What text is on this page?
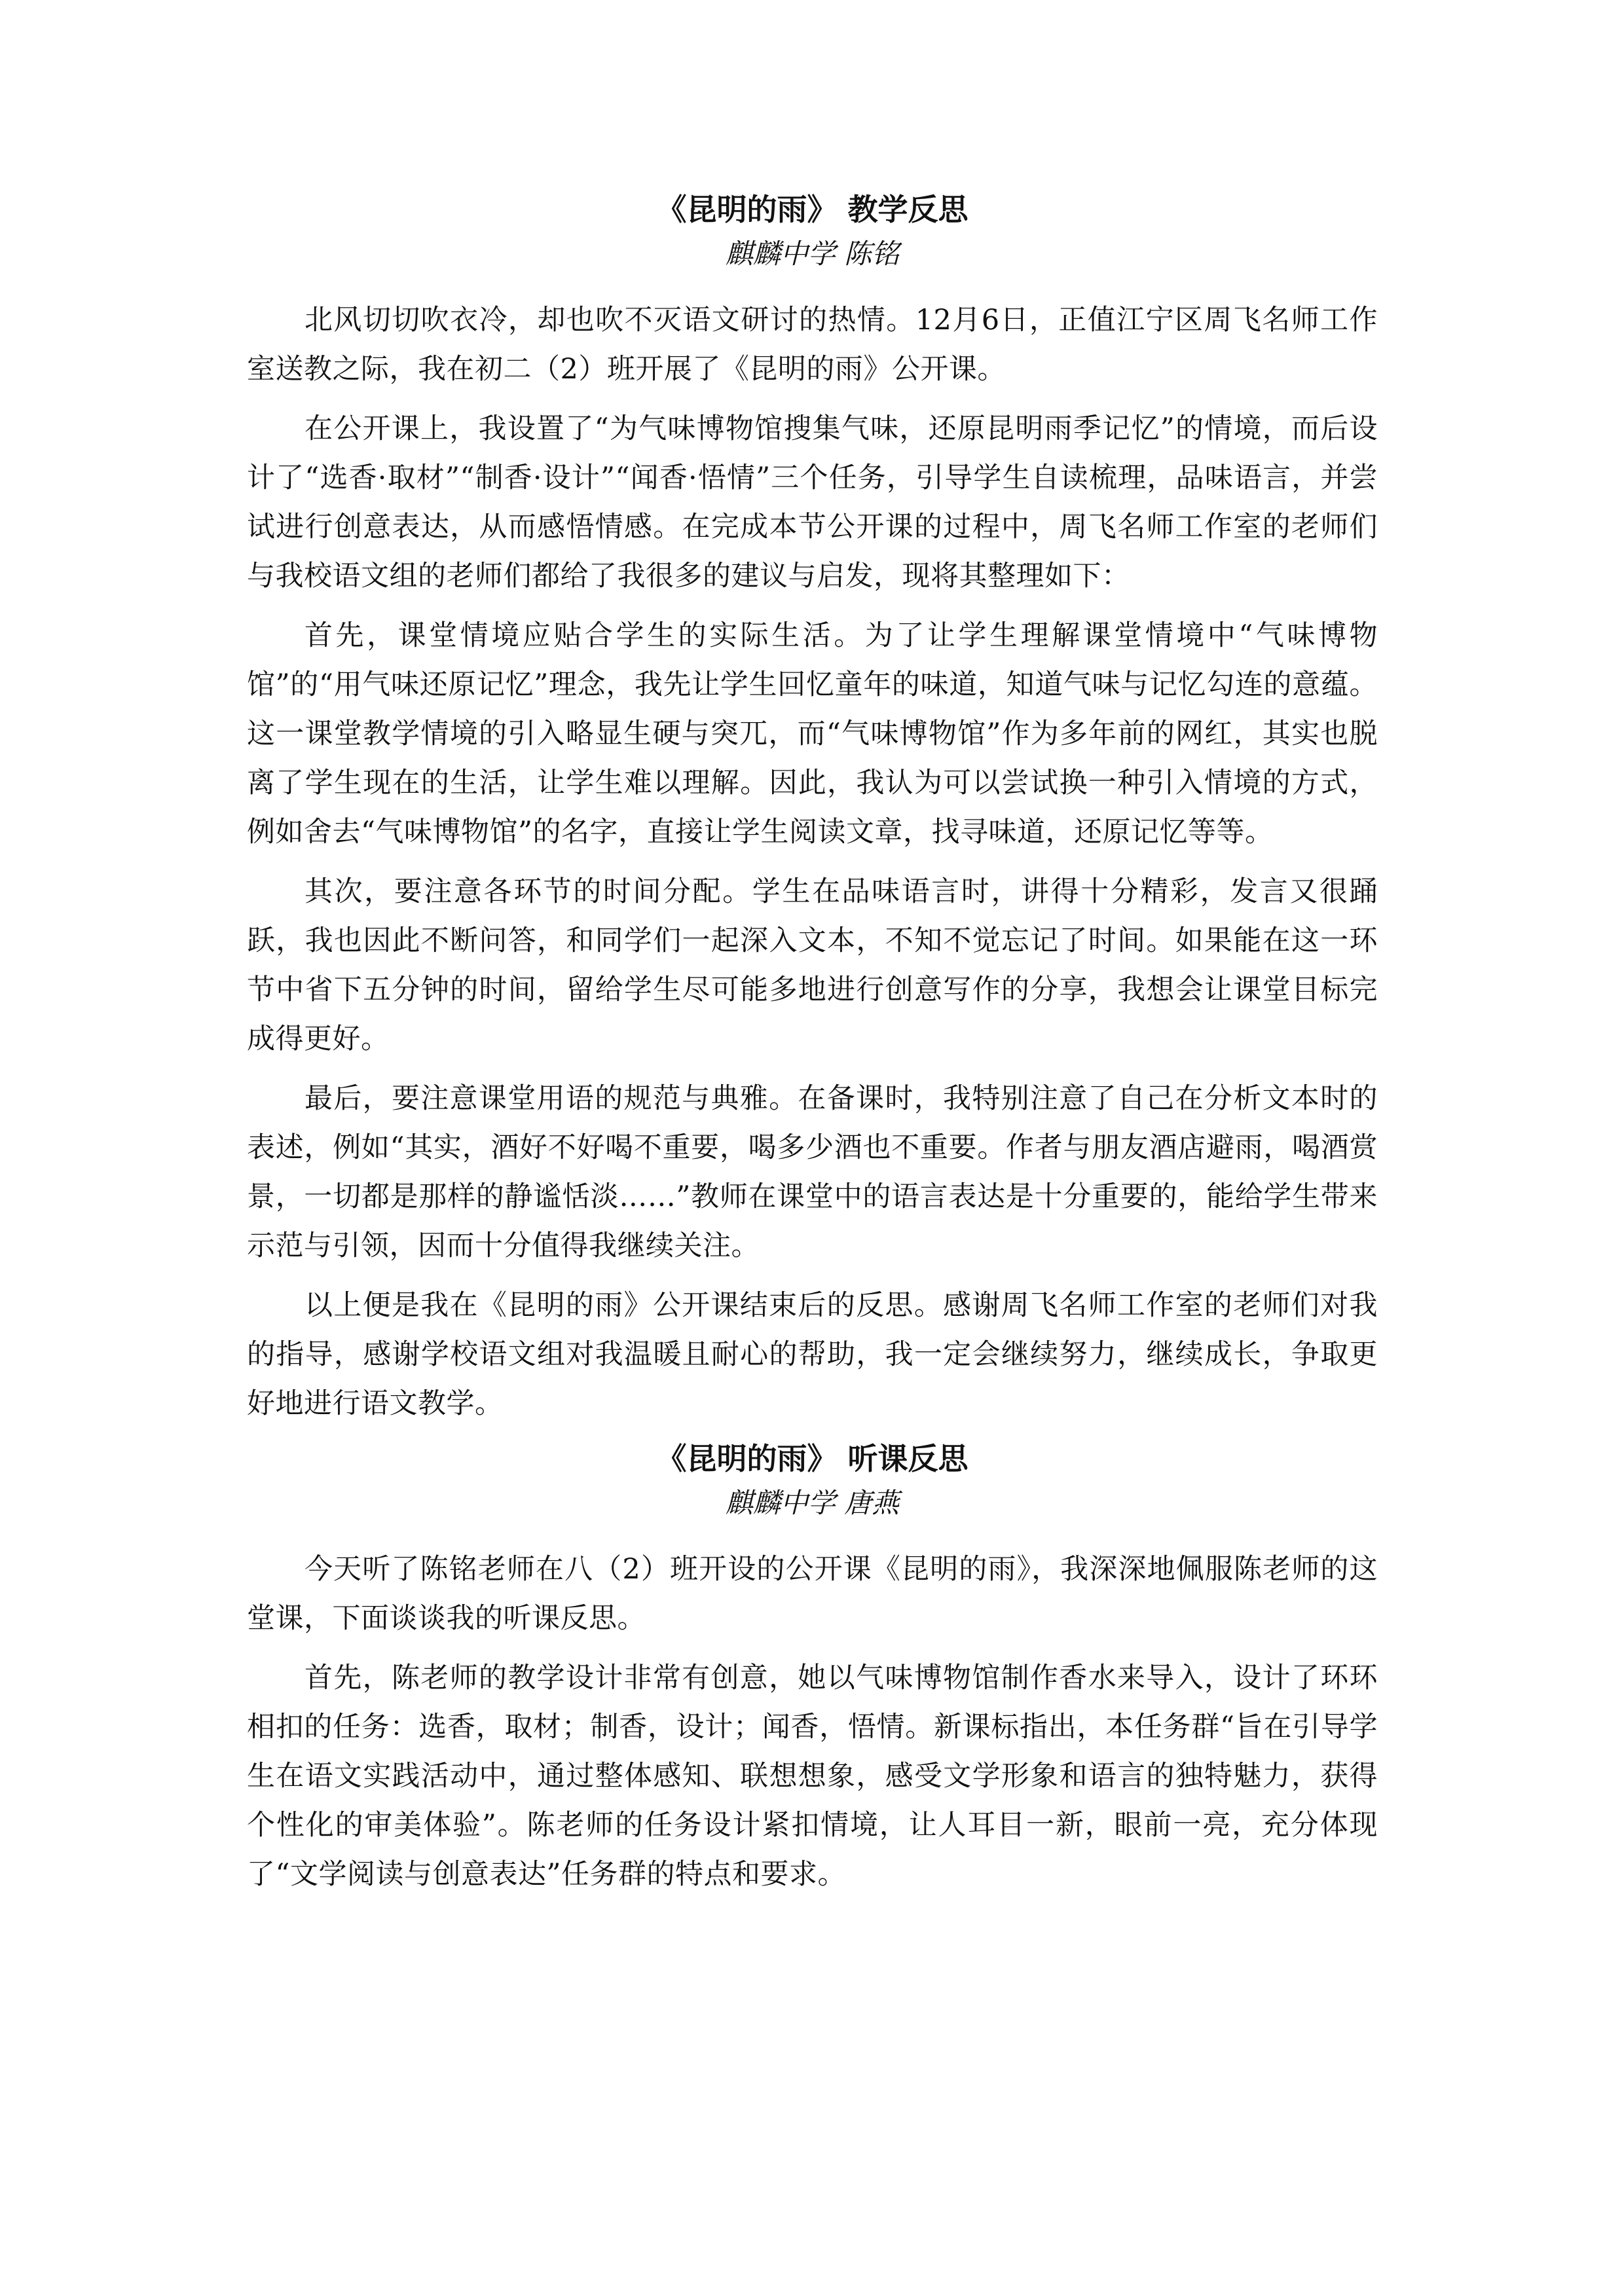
《昆明的雨》 教学反思

麒麟中学 陈铭

北风切切吹衣冷，却也吹不灭语文研讨的热情。12月6日，正值江宁区周飞名师工作室送教之际，我在初二（2）班开展了《昆明的雨》公开课。

在公开课上，我设置了“为气味博物馆搜集气味，还原昆明雨季记忆”的情境，而后设计了“选香·取材”“制香·设计”“闻香·悟情”三个任务，引导学生自读梳理，品味语言，并尝试进行创意表达，从而感悟情感。在完成本节公开课的过程中，周飞名师工作室的老师们与我校语文组的老师们都给了我很多的建议与启发，现将其整理如下：

首先，课堂情境应贴合学生的实际生活。为了让学生理解课堂情境中“气味博物馆”的“用气味还原记忆”理念，我先让学生回忆童年的味道，知道气味与记忆勾连的意蕴。这一课堂教学情境的引入略显生硬与突兀，而“气味博物馆”作为多年前的网红，其实也脱离了学生现在的生活，让学生难以理解。因此，我认为可以尝试换一种引入情境的方式，例如舍去“气味博物馆”的名字，直接让学生阅读文章，找寻味道，还原记忆等等。

其次，要注意各环节的时间分配。学生在品味语言时，讲得十分精彩，发言又很踊跃，我也因此不断问答，和同学们一起深入文本，不知不觉忘记了时间。如果能在这一环节中省下五分钟的时间，留给学生尽可能多地进行创意写作的分享，我想会让课堂目标完成得更好。

最后，要注意课堂用语的规范与典雅。在备课时，我特别注意了自己在分析文本时的表述，例如“其实，酒好不好喝不重要，喝多少酒也不重要。作者与朋友酒店避雨，喝酒赏景，一切都是那样的静谧恬淡……”教师在课堂中的语言表达是十分重要的，能给学生带来示范与引领，因而十分值得我继续关注。

以上便是我在《昆明的雨》公开课结束后的反思。感谢周飞名师工作室的老师们对我的指导，感谢学校语文组对我温暖且耐心的帮助，我一定会继续努力，继续成长，争取更好地进行语文教学。

《昆明的雨》 听课反思

麒麟中学 唐燕

今天听了陈铭老师在八（2）班开设的公开课《昆明的雨》，我深深地佩服陈老师的这堂课，下面谈谈我的听课反思。

首先，陈老师的教学设计非常有创意，她以气味博物馆制作香水来导入，设计了环环相扣的任务：选香，取材；制香，设计；闻香，悟情。新课标指出，本任务群“旨在引导学生在语文实践活动中，通过整体感知、联想想象，感受文学形象和语言的独特魅力，获得个性化的审美体验”。陈老师的任务设计紧扣情境，让人耳目一新，眼前一亮，充分体现了“文学阅读与创意表达”任务群的特点和要求。
